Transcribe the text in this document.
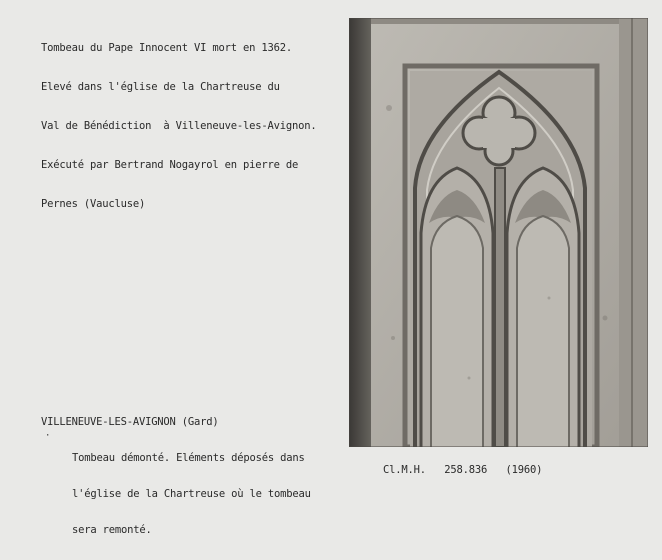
Tombeau du Pape Innocent VI mort en 1362.

Elevé dans l'église de la Chartreuse du

Val de Bénédiction  à Villeneuve-les-Avignon.

Exécuté par Bertrand Nogayrol en pierre de

Pernes (Vaucluse)

VILLENEUVE-LES-AVIGNON (Gard)
·

Tombeau démonté. Eléments déposés dans

l'église de la Chartreuse où le tombeau

sera remonté.

Cl.M.H. 258.836 (1960)
